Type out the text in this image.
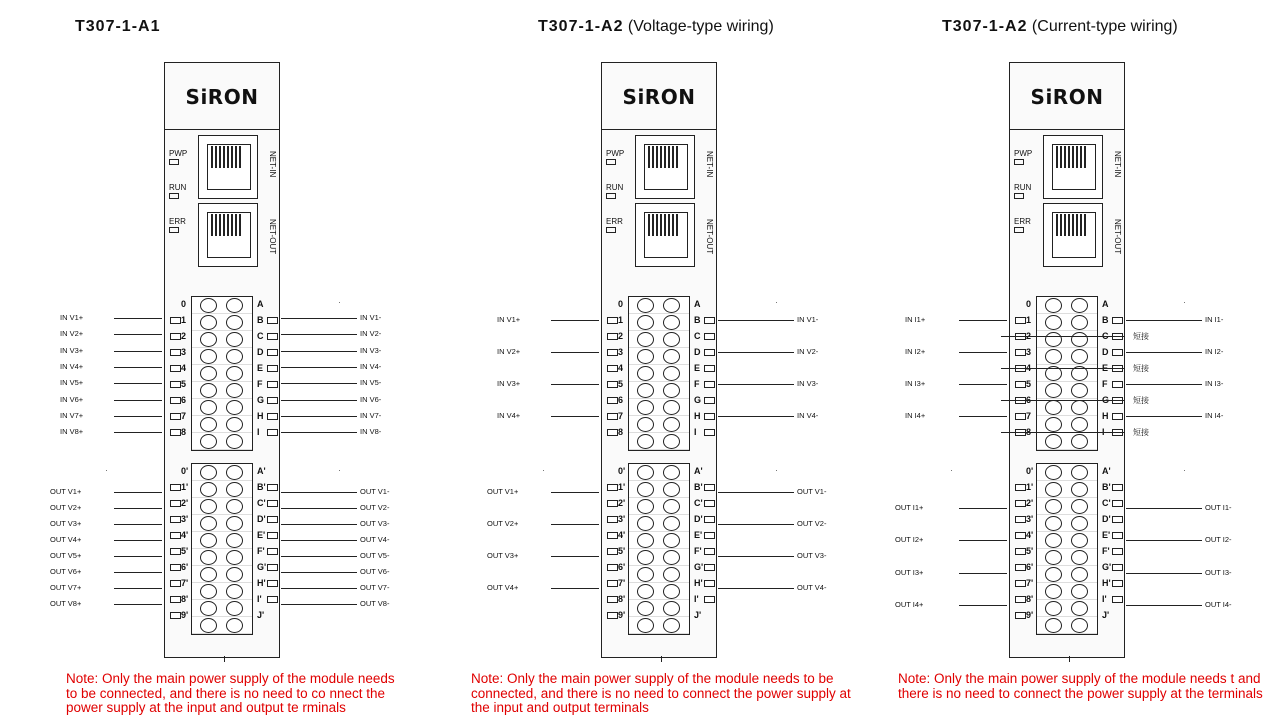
T307-1-A1
SiRON
PWP
RUN
ERR
NET-IN
NET-OUT
0
1
2
3
4
5
6
7
8
A
B
C
D
E
F
G
H
I
0'
1'
2'
3'
4'
5'
6'
7'
8'
9'
A'
B'
C'
D'
E'
F'
G'
H'
I'
J'
IN V1+	IN V1-
IN V2+	IN V2-
IN V3+	IN V3-
IN V4+	IN V4-
IN V5+	IN V5-
IN V6+	IN V6-
IN V7+	IN V7-
IN V8+	IN V8-
OUT V1+	OUT V1-
OUT V2+	OUT V2-
OUT V3+	OUT V3-
OUT V4+	OUT V4-
OUT V5+	OUT V5-
OUT V6+	OUT V6-
OUT V7+	OUT V7-
OUT V8+	OUT V8-
Note: Only the main power supply of the module needs to be connected, and there is no need to co nnect the power supply at the input and output te rminals
T307-1-A2 (Voltage-type wiring)
SiRON
PWP
RUN
ERR
NET-IN
NET-OUT
0
1
2
3
4
5
6
7
8
A
B
C
D
E
F
G
H
I
0'
1'
2'
3'
4'
5'
6'
7'
8'
9'
A'
B'
C'
D'
E'
F'
G'
H'
I'
J'
IN V1+	IN V1-
IN V2+	IN V2-
IN V3+	IN V3-
IN V4+	IN V4-
OUT V1+	OUT V1-
OUT V2+	OUT V2-
OUT V3+	OUT V3-
OUT V4+	OUT V4-
Note: Only the main power supply of the module needs to be connected, and there is no need to connect the power supply at the input and output terminals
T307-1-A2 (Current-type wiring)
SiRON
PWP
RUN
ERR
NET-IN
NET-OUT
0
1
2
3
4
5
6
7
8
A
B
C
D
E
F
G
H
I
0'
1'
2'
3'
4'
5'
6'
7'
8'
9'
A'
B'
C'
D'
E'
F'
G'
H'
I'
J'
IN I1+	IN I1-
IN I2+	IN I2-
IN I3+	IN I3-
IN I4+	IN I4-
OUT I1+	OUT I1-
OUT I2+	OUT I2-
OUT I3+	OUT I3-
OUT I4+	OUT I4-
短接
短接
短接
短接
Note: Only the main power supply of the module needs t and there is no need to connect the power supply at the terminals
